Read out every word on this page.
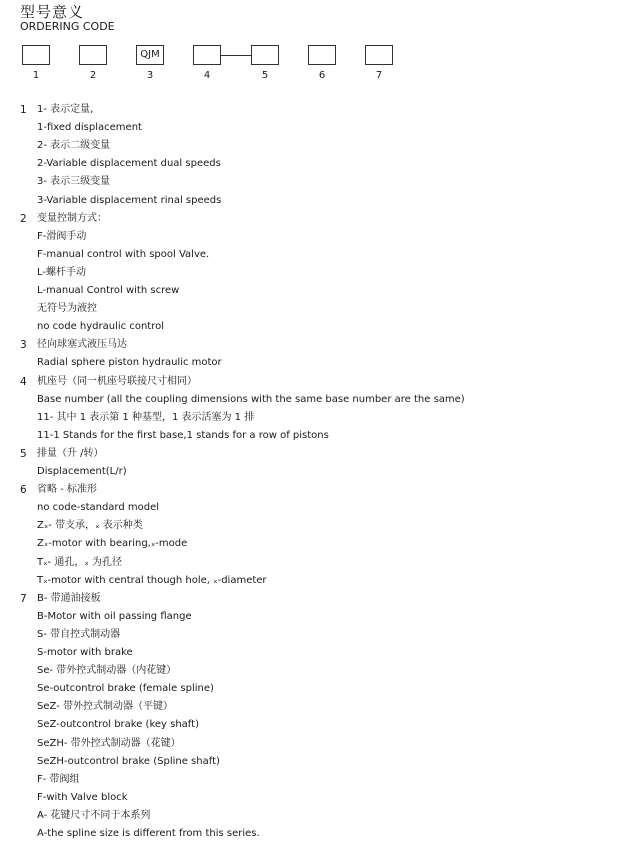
型号意义
ORDERING CODE
1	2
QJM
3	4	5	6	7
1 1- 表示定量,
1-fixed displacement
2- 表示二级变量
2-Variable displacement dual speeds
3- 表示三级变量
3-Variable displacement rinal speeds
2 变量控制方式：
F-滑阀手动
F-manual control with spool Valve.
L-螺杆手动
L-manual Control with screw
无符号为液控
no code hydraulic control
3 径向球塞式液压马达
Radial sphere piston hydraulic motor
4 机座号（同一机座号联接尺寸相同）
Base number (all the coupling dimensions with the same base number are the same)
11- 其中 1 表示第 1 种基型，1 表示活塞为 1 排
11-1 Stands for the first base,1 stands for a row of pistons
5 排量（升 /转）
Displacement(L/r)
6 省略 - 标准形
no code-standard model
Zₓ- 带支承，ₓ 表示种类
Zₓ-motor with bearing,ₓ-mode
Tₓ- 通孔，ₓ 为孔径
Tₓ-motor with central though hole, ₓ-diameter
7 B- 带通油接板
B-Motor with oil passing flange
S- 带自控式制动器
S-motor with brake
Se- 带外控式制动器（内花键）
Se-outcontrol brake (female spline)
SeZ- 带外控式制动器（平键）
SeZ-outcontrol brake (key shaft)
SeZH- 带外控式制动器（花键）
SeZH-outcontrol brake (Spline shaft)
F- 带阀组
F-with Valve block
A- 花键尺寸不同于本系列
A-the spline size is different from this series.
